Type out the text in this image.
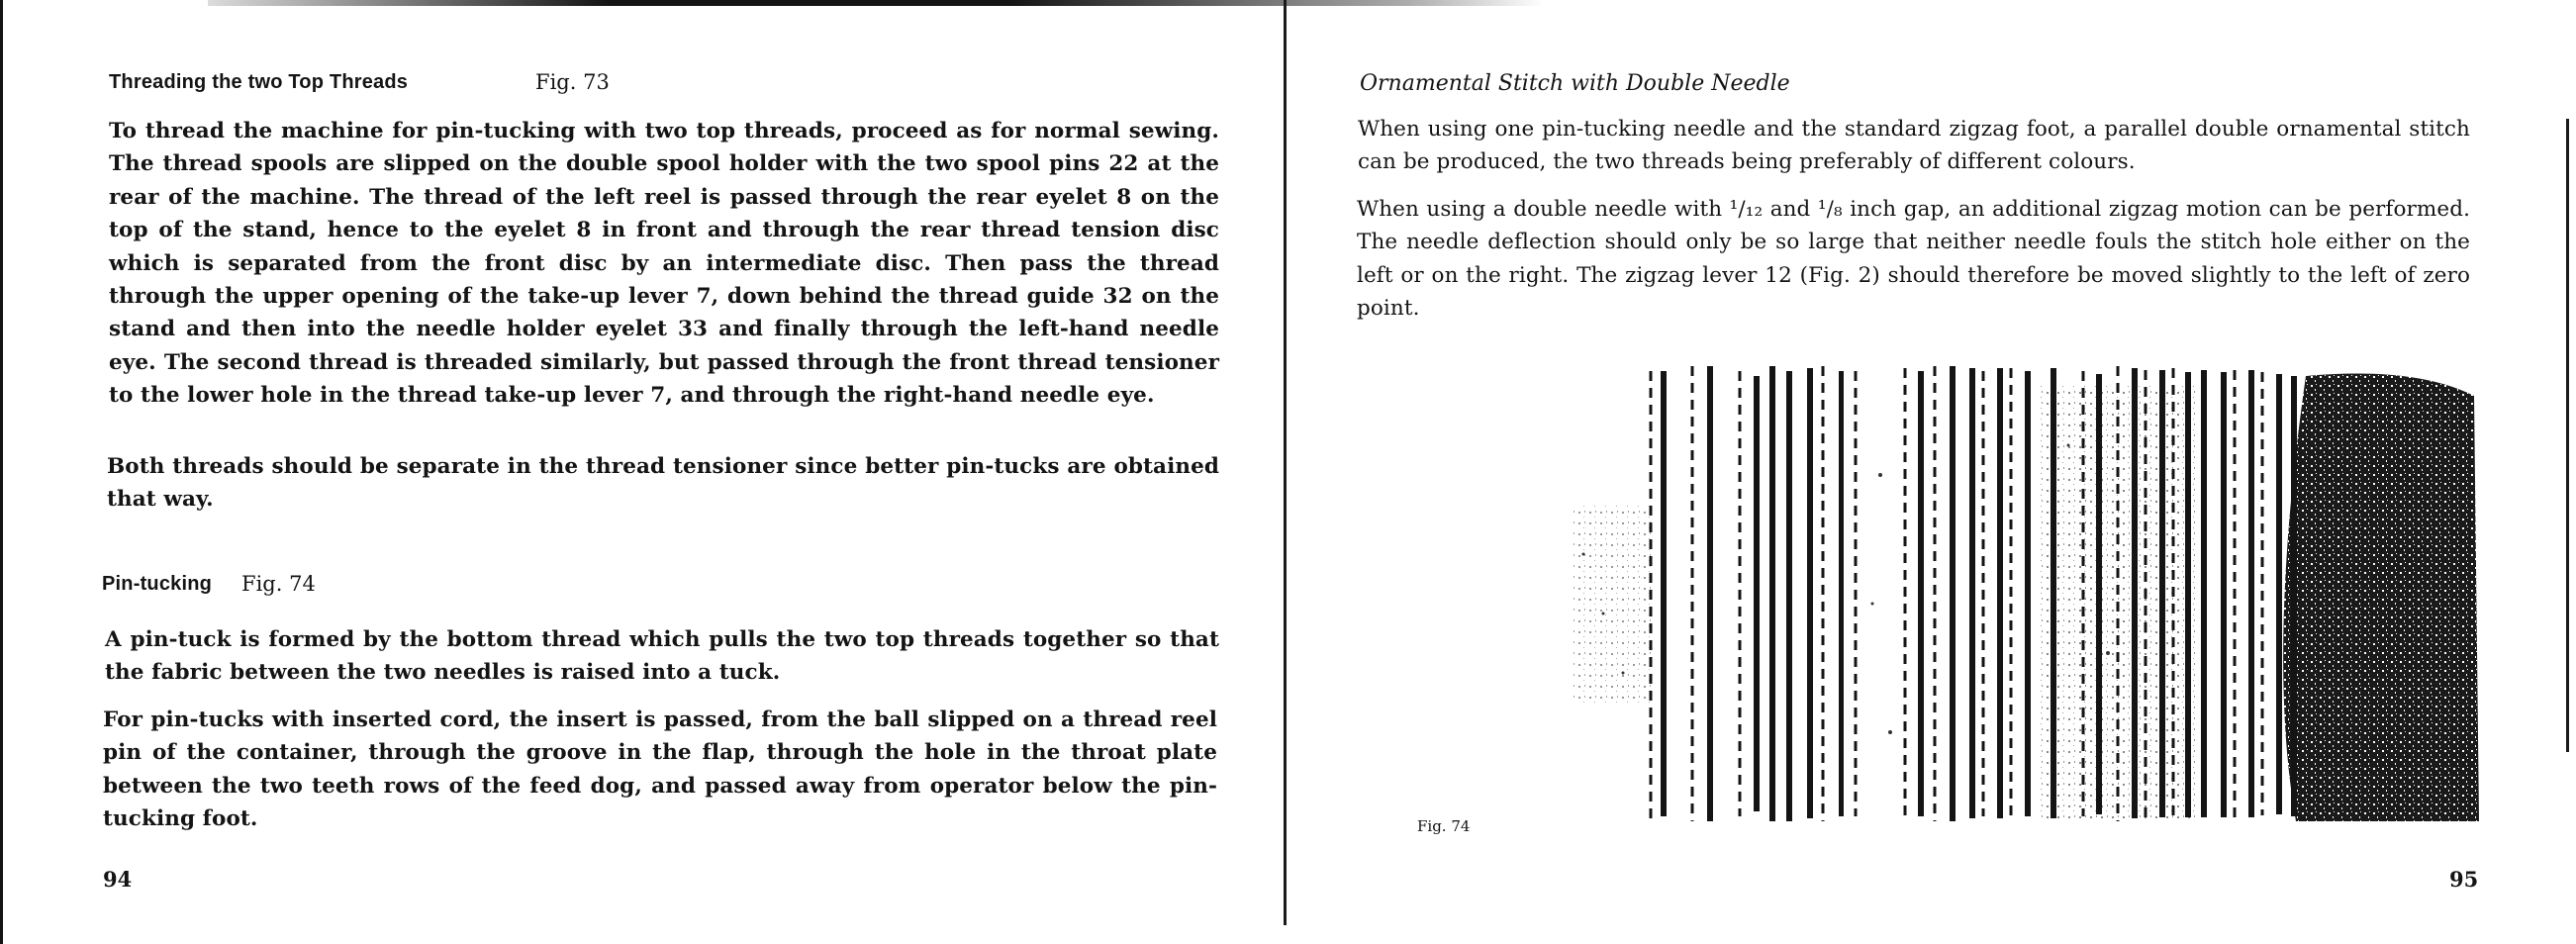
Threading the two Top Threads	Fig. 73

To thread the machine for pin-tucking with two top threads, proceed as for normal sewing. The thread spools are slipped on the double spool holder with the two spool pins 22 at the rear of the machine. The thread of the left reel is passed through the rear eyelet 8 on the top of the stand, hence to the eyelet 8 in front and through the rear thread tension disc which is separated from the front disc by an intermediate disc. Then pass the thread through the upper opening of the take-up lever 7, down behind the thread guide 32 on the stand and then into the needle holder eyelet 33 and finally through the left-hand needle eye. The second thread is threaded similarly, but passed through the front thread tensioner to the lower hole in the thread take-up lever 7, and through the right-hand needle eye.

Both threads should be separate in the thread tensioner since better pin-tucks are obtained that way.

Pin-tucking Fig. 74

A pin-tuck is formed by the bottom thread which pulls the two top threads together so that the fabric between the two needles is raised into a tuck.

For pin-tucks with inserted cord, the insert is passed, from the ball slipped on a thread reel pin of the container, through the groove in the flap, through the hole in the throat plate between the two teeth rows of the feed dog, and passed away from operator below the pin-tucking foot.

94
Ornamental Stitch with Double Needle

When using one pin-tucking needle and the standard zigzag foot, a parallel double ornamental stitch can be produced, the two threads being preferably of different colours.

When using a double needle with ¹/₁₂ and ¹/₈ inch gap, an additional zigzag motion can be performed. The needle deflection should only be so large that neither needle fouls the stitch hole either on the left or on the right. The zigzag lever 12 (Fig. 2) should therefore be moved slightly to the left of zero point.

Fig. 74
95
